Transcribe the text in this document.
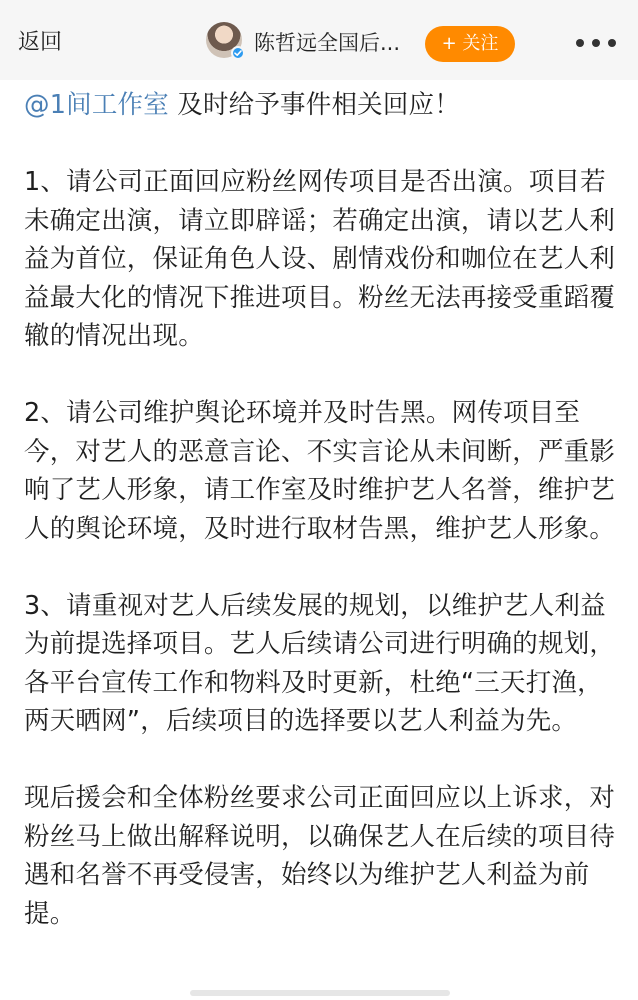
返回	陈哲远全国后...	+ 关注

@1间工作室 及时给予事件相关回应！

1、请公司正面回应粉丝网传项目是否出演。项目若未确定出演，请立即辟谣；若确定出演，请以艺人利益为首位，保证角色人设、剧情戏份和咖位在艺人利益最大化的情况下推进项目。粉丝无法再接受重蹈覆辙的情况出现。

2、请公司维护舆论环境并及时告黑。网传项目至今，对艺人的恶意言论、不实言论从未间断，严重影响了艺人形象，请工作室及时维护艺人名誉，维护艺人的舆论环境，及时进行取材告黑，维护艺人形象。

3、请重视对艺人后续发展的规划，以维护艺人利益为前提选择项目。艺人后续请公司进行明确的规划，各平台宣传工作和物料及时更新，杜绝“三天打渔，两天晒网”，后续项目的选择要以艺人利益为先。

现后援会和全体粉丝要求公司正面回应以上诉求，对粉丝马上做出解释说明，以确保艺人在后续的项目待遇和名誉不再受侵害，始终以为维护艺人利益为前提。
